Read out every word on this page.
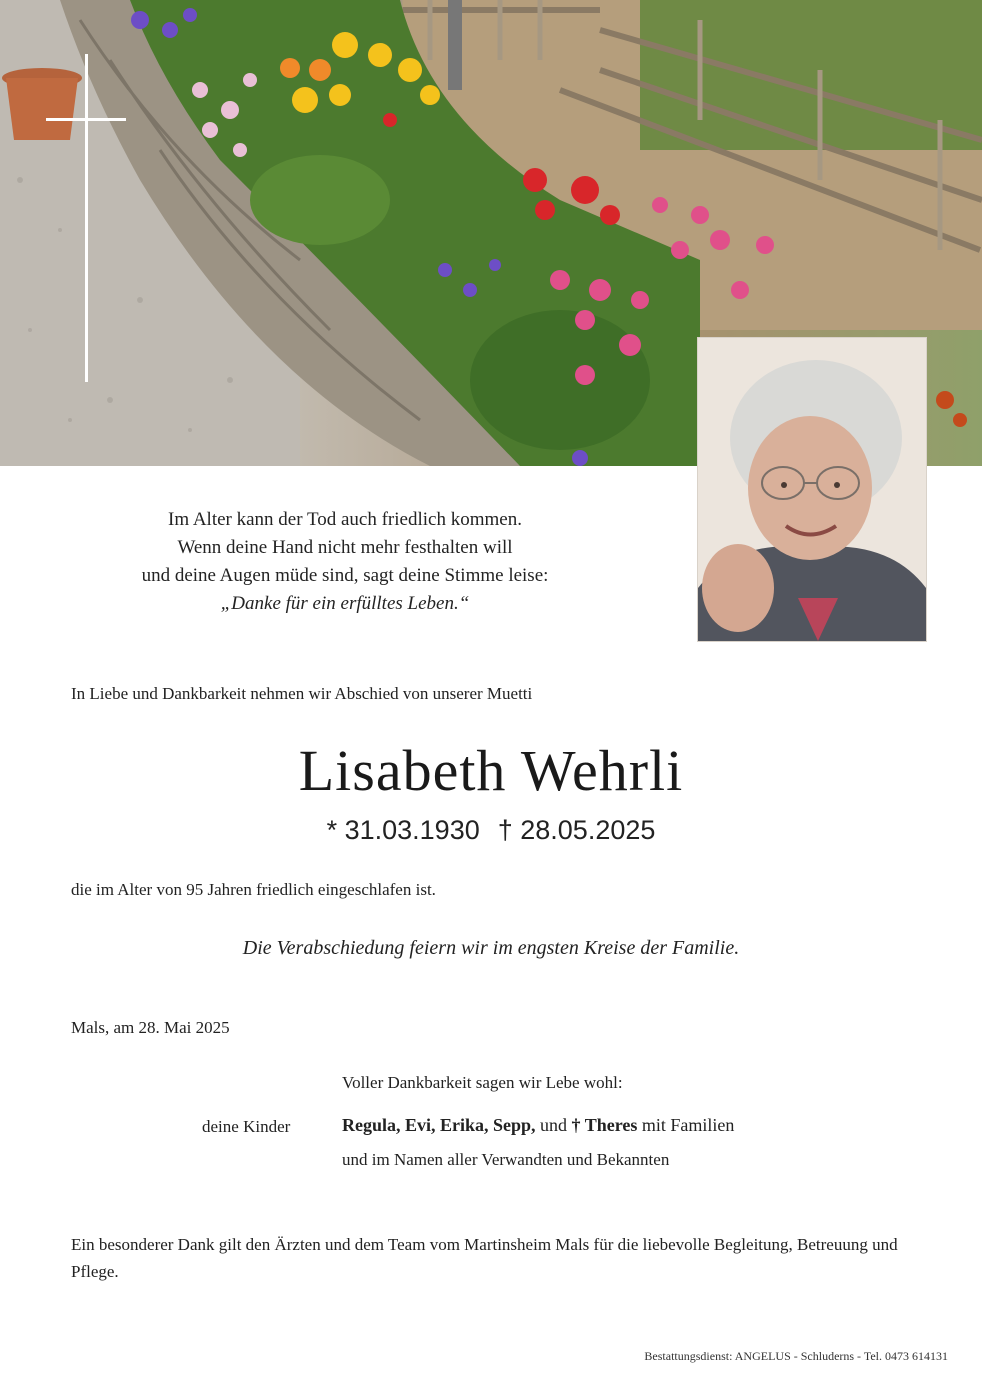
Im Alter kann der Tod auch friedlich kommen.
Wenn deine Hand nicht mehr festhalten will
und deine Augen müde sind, sagt deine Stimme leise:
„Danke für ein erfülltes Leben.“
In Liebe und Dankbarkeit nehmen wir Abschied von unserer Muetti
Lisabeth Wehrli
* 31.03.1930 † 28.05.2025
die im Alter von 95 Jahren friedlich eingeschlafen ist.
Die Verabschiedung feiern wir im engsten Kreise der Familie.
Mals, am 28. Mai 2025
Voller Dankbarkeit sagen wir Lebe wohl:
deine Kinder	Regula, Evi, Erika, Sepp, und † Theres mit Familien
und im Namen aller Verwandten und Bekannten
Ein besonderer Dank gilt den Ärzten und dem Team vom Martinsheim Mals für die liebevolle Begleitung, Betreuung und Pflege.
Bestattungsdienst: ANGELUS - Schluderns - Tel. 0473 614131
